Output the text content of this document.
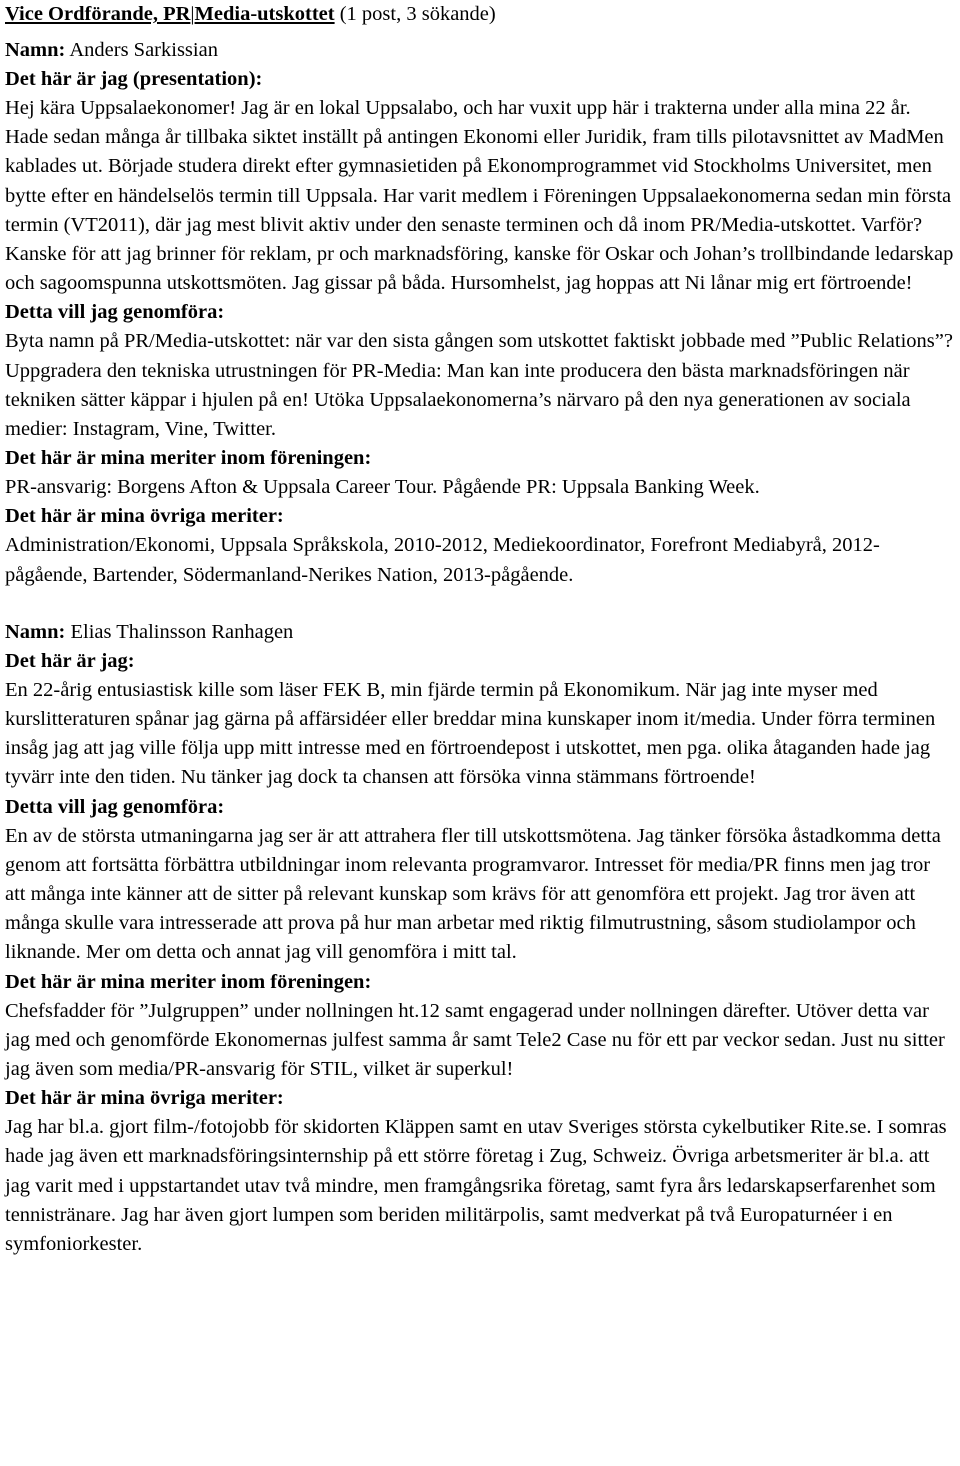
Vice Ordförande, PR|Media-utskottet (1 post, 3 sökande)

Namn: Anders Sarkissian

Det här är jag (presentation):

Hej kära Uppsalaekonomer! Jag är en lokal Uppsalabo, och har vuxit upp här i trakterna under alla mina 22 år. Hade sedan många år tillbaka siktet inställt på antingen Ekonomi eller Juridik, fram tills pilotavsnittet av MadMen kablades ut. Började studera direkt efter gymnasietiden på Ekonomprogrammet vid Stockholms Universitet, men bytte efter en händelselös termin till Uppsala. Har varit medlem i Föreningen Uppsalaekonomerna sedan min första termin (VT2011), där jag mest blivit aktiv under den senaste terminen och då inom PR/Media-utskottet. Varför? Kanske för att jag brinner för reklam, pr och marknadsföring, kanske för Oskar och Johan’s trollbindande ledarskap och sagoomspunna utskottsmöten. Jag gissar på båda. Hursomhelst, jag hoppas att Ni lånar mig ert förtroende!

Detta vill jag genomföra:

Byta namn på PR/Media-utskottet: när var den sista gången som utskottet faktiskt jobbade med ”Public Relations”? Uppgradera den tekniska utrustningen för PR-Media: Man kan inte producera den bästa marknadsföringen när tekniken sätter käppar i hjulen på en! Utöka Uppsalaekonomerna’s närvaro på den nya generationen av sociala medier: Instagram, Vine, Twitter.

Det här är mina meriter inom föreningen:

PR-ansvarig: Borgens Afton & Uppsala Career Tour. Pågående PR: Uppsala Banking Week.

Det här är mina övriga meriter:

Administration/Ekonomi, Uppsala Språkskola, 2010-2012, Mediekoordinator, Forefront Mediabyrå, 2012-pågående, Bartender, Södermanland-Nerikes Nation, 2013-pågående.

Namn: Elias Thalinsson Ranhagen

Det här är jag:

En 22-årig entusiastisk kille som läser FEK B, min fjärde termin på Ekonomikum. När jag inte myser med kurslitteraturen spånar jag gärna på affärsidéer eller breddar mina kunskaper inom it/media. Under förra terminen insåg jag att jag ville följa upp mitt intresse med en förtroendepost i utskottet, men pga. olika åtaganden hade jag tyvärr inte den tiden. Nu tänker jag dock ta chansen att försöka vinna stämmans förtroende!

Detta vill jag genomföra:

En av de största utmaningarna jag ser är att attrahera fler till utskottsmötena. Jag tänker försöka åstadkomma detta genom att fortsätta förbättra utbildningar inom relevanta programvaror. Intresset för media/PR finns men jag tror att många inte känner att de sitter på relevant kunskap som krävs för att genomföra ett projekt. Jag tror även att många skulle vara intresserade att prova på hur man arbetar med riktig filmutrustning, såsom studiolampor och liknande. Mer om detta och annat jag vill genomföra i mitt tal.

Det här är mina meriter inom föreningen:

Chefsfadder för ”Julgruppen” under nollningen ht.12 samt engagerad under nollningen därefter. Utöver detta var jag med och genomförde Ekonomernas julfest samma år samt Tele2 Case nu för ett par veckor sedan. Just nu sitter jag även som media/PR-ansvarig för STIL, vilket är superkul!

Det här är mina övriga meriter:

Jag har bl.a. gjort film-/fotojobb för skidorten Kläppen samt en utav Sveriges största cykelbutiker Rite.se. I somras hade jag även ett marknadsföringsinternship på ett större företag i Zug, Schweiz. Övriga arbetsmeriter är bl.a. att jag varit med i uppstartandet utav två mindre, men framgångsrika företag, samt fyra års ledarskapserfarenhet som tennistränare. Jag har även gjort lumpen som beriden militärpolis, samt medverkat på två Europaturnéer i en symfoniorkester.
